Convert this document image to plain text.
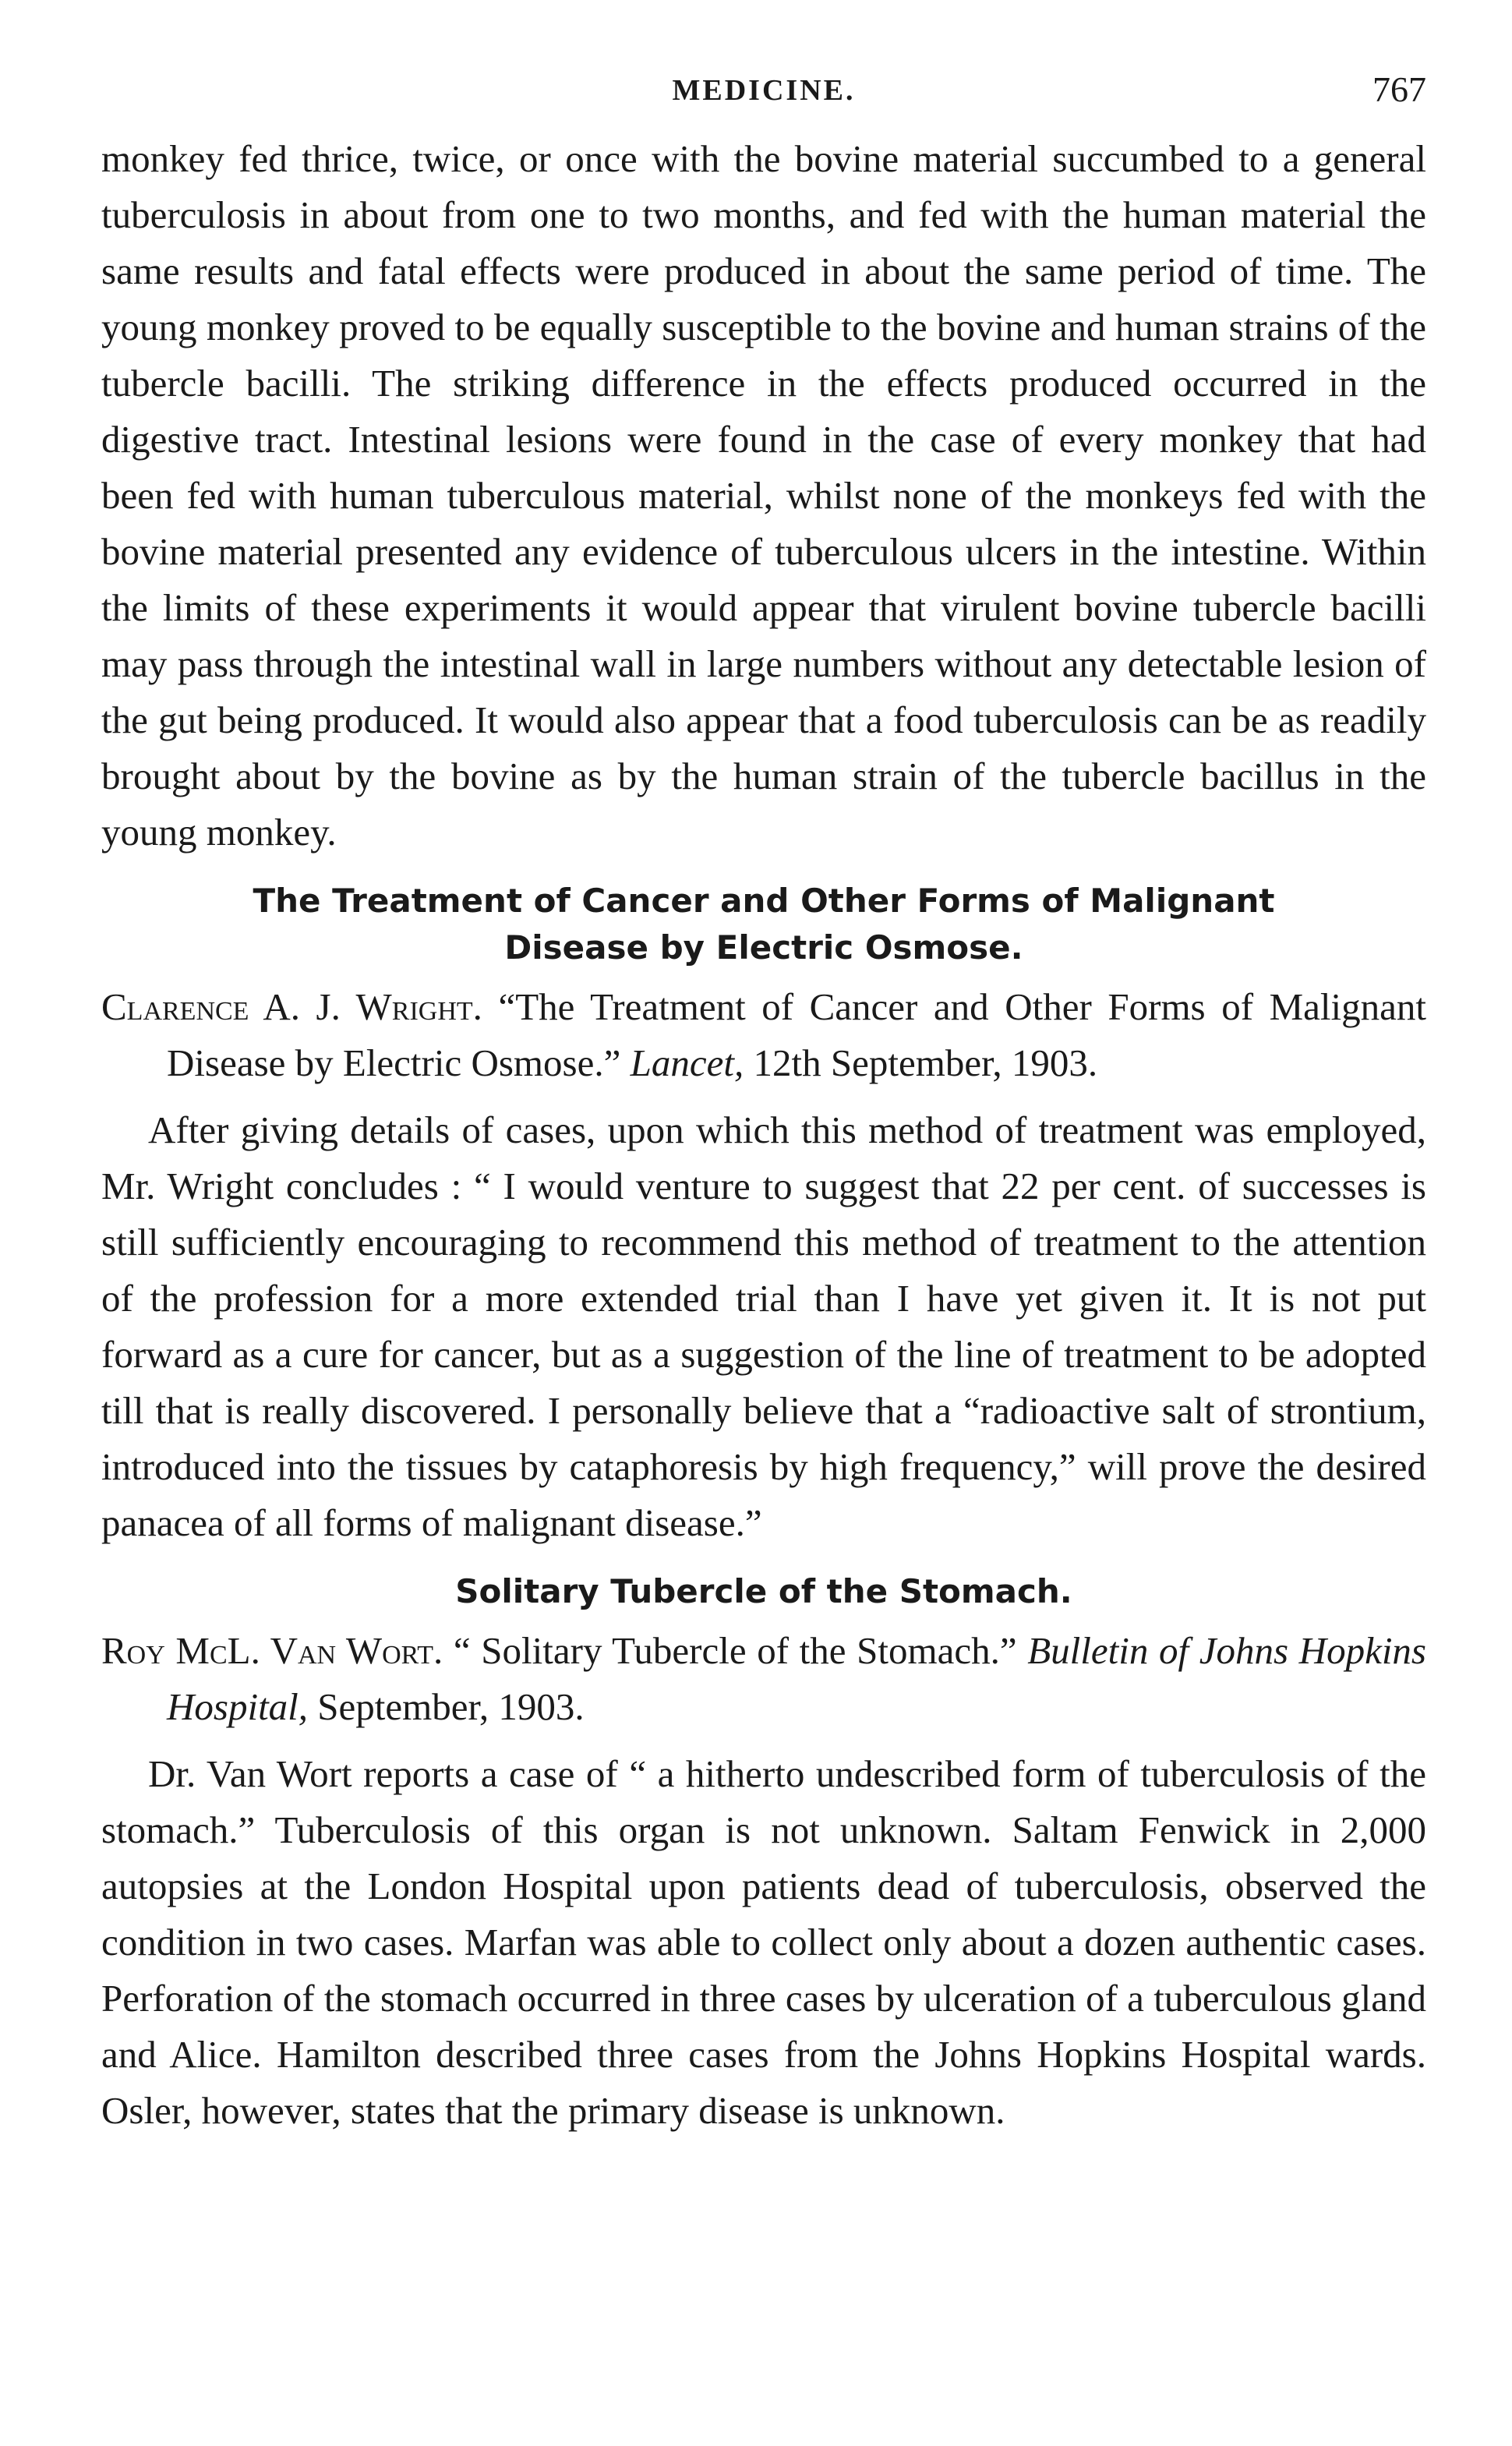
MEDICINE.	767

monkey fed thrice, twice, or once with the bovine material succumbed to a general tuberculosis in about from one to two months, and fed with the human material the same results and fatal effects were produced in about the same period of time. The young monkey proved to be equally susceptible to the bovine and human strains of the tubercle bacilli. The striking difference in the effects produced occurred in the digestive tract. Intestinal lesions were found in the case of every monkey that had been fed with human tuberculous material, whilst none of the monkeys fed with the bovine material presented any evidence of tuberculous ulcers in the intestine. Within the limits of these experiments it would appear that virulent bovine tubercle bacilli may pass through the intestinal wall in large numbers without any detectable lesion of the gut being produced. It would also appear that a food tuberculosis can be as readily brought about by the bovine as by the human strain of the tubercle bacillus in the young monkey.

The Treatment of Cancer and Other Forms of Malignant
Disease by Electric Osmose.

Clarence A. J. Wright. “The Treatment of Cancer and Other Forms of Malignant Disease by Electric Osmose.” Lancet, 12th September, 1903.

After giving details of cases, upon which this method of treatment was employed, Mr. Wright concludes : “ I would venture to suggest that 22 per cent. of successes is still sufficiently encouraging to recommend this method of treatment to the attention of the profession for a more extended trial than I have yet given it. It is not put forward as a cure for cancer, but as a suggestion of the line of treatment to be adopted till that is really discovered. I personally believe that a “radioactive salt of strontium, introduced into the tissues by cataphoresis by high frequency,” will prove the desired panacea of all forms of malignant disease.”

Solitary Tubercle of the Stomach.

Roy McL. Van Wort. “ Solitary Tubercle of the Stomach.” Bulletin of Johns Hopkins Hospital, September, 1903.

Dr. Van Wort reports a case of “ a hitherto undescribed form of tuberculosis of the stomach.” Tuberculosis of this organ is not unknown. Saltam Fenwick in 2,000 autopsies at the London Hospital upon patients dead of tuberculosis, observed the condition in two cases. Marfan was able to collect only about a dozen authentic cases. Perforation of the stomach occurred in three cases by ulceration of a tuberculous gland and Alice. Hamilton described three cases from the Johns Hopkins Hospital wards. Osler, however, states that the primary disease is unknown.
